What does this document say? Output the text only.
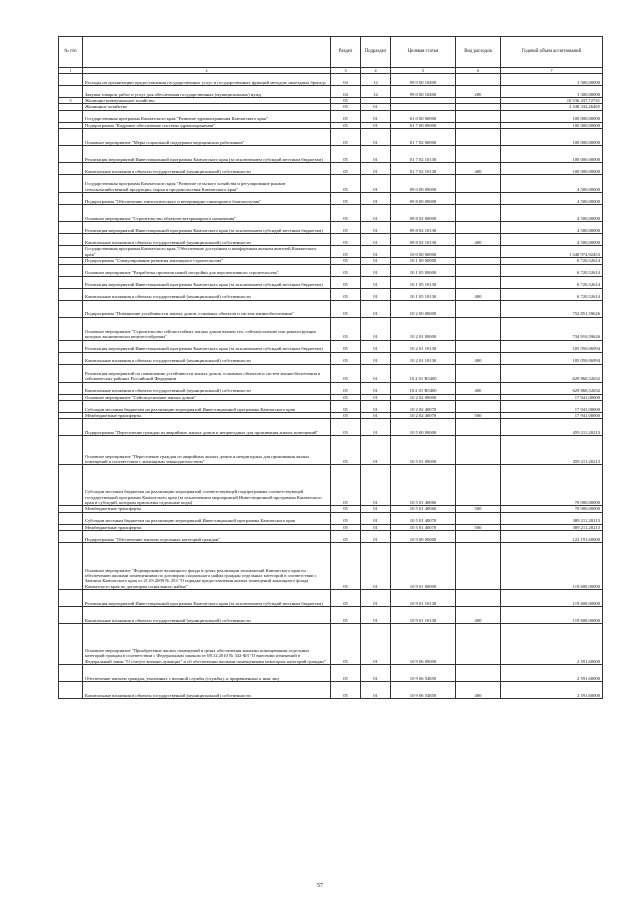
№ п/п		Раздел	Подраздел	Целевая статья	Вид расходов	Годовой объем ассигнований
1	2	3	4	5	6	7
	Расходы на организацию предоставления государственных услуг и государственных функций методом «выездных бригад»	04	12	99 0 00 10400		1 300,00000
	Закупка товаров, работ и услуг для обеспечения государственных (муниципальных) нужд	04	12	99 0 00 10400	200	1 300,00000
5	Жилищно-коммунальное хозяйство	05				10 536 437,72741
	Жилищное хозяйство	05	01			2 348 332,26465
	Государственная программа Камчатского края "Развитие здравоохранения Камчатского края"	05	01	01 0 00 00000		100 000,00000
	Подпрограмма "Кадровое обеспечение системы здравоохранения"	05	01	01 7 00 00000		100 000,00000
	Основное мероприятие "Меры социальной поддержки медицинских работников"	05	01	01 7 02 00000		100 000,00000
	Реализация мероприятий Инвестиционной программы Камчатского края (за исключением субсидий местным бюджетам)	05	01	01 7 02 10130		100 000,00000
	Капитальные вложения в объекты государственной (муниципальной) собственности	05	01	01 7 02 10130	400	100 000,00000
	Государственная программа Камчатского края "Развитие сельского хозяйства и регулирование рынков сельскохозяйственной продукции, сырья и продовольствия Камчатского края"	05	01	09 0 00 00000		4 500,00000
	Подпрограмма "Обеспечение эпизоотического и ветеринарно-санитарного благополучия"	05	01	09 8 00 00000		4 500,00000
	Основное мероприятие "Строительство объектов ветеринарного назначения"	05	01	09 8 02 00000		4 500,00000
	Реализация мероприятий Инвестиционной программы Камчатского края (за исключением субсидий местным бюджетам)	05	01	09 8 02 10130		4 500,00000
	Капитальные вложения в объекты государственной (муниципальной) собственности	05	01	09 8 02 10130	400	4 500,00000
	Государственная программа Камчатского края "Обеспечение доступным и комфортным жильем жителей Камчатского края"	05	01	10 0 00 00000		1 340 974,92453
	Подпрограмма "Стимулирование развития жилищного строительства"	05	01	10 1 00 00000		6 720,52614
	Основное мероприятие "Разработка проектов новой застройки для перспективного строительства"	05	01	10 1 05 00000		6 720,52614
	Реализация мероприятий Инвестиционной программы Камчатского края (за исключением субсидий местным бюджетам)	05	01	10 1 05 10130		6 720,52614
	Капитальные вложения в объекты государственной (муниципальной) собственности	05	01	10 1 05 10130	400	6 720,52614
	Подпрограмма "Повышение устойчивости жилых домов, основных объектов и систем жизнеобеспечения"	05	01	10 2 00 00000		752 851,59626
	Основное мероприятие "Строительство сейсмостойких жилых домов взамен тех, сейсмоусиление или реконструкция которых экономически нецелесообразны"	05	01	10 2 01 00000		734 910,59626
	Реализация мероприятий Инвестиционной программы Камчатского края (за исключением субсидий местным бюджетам)	05	01	10 2 01 10130		105 050,06994
	Капитальные вложения в объекты государственной (муниципальной) собственности	05	01	10 2 01 10130	400	105 050,06994
	Реализация мероприятий по повышению устойчивости жилых домов, основных объектов и систем жизнеобеспечения в сейсмических районах Российской Федерации	05	01	10 2 01 R5400		629 860,52632
	Капитальные вложения в объекты государственной (муниципальной) собственности	05	01	10 2 01 R5400	400	629 860,52632
	Основное мероприятие "Сейсмоусиление жилых домов"	05	01	10 2 02 00000		17 941,00000
	Субсидии местным бюджетам на реализацию мероприятий Инвестиционной программы Камчатского края	05	01	10 2 02 40070		17 941,00000
	Межбюджетные трансферты	05	01	10 2 02 40070	500	17 941,00000
	Подпрограмма "Переселение граждан из аварийных жилых домов и непригодных для проживания жилых помещений"	05	01	10 5 00 00000		459 211,20213
	Основное мероприятие "Переселение граждан из аварийных жилых домов и непригодных для проживания жилых помещений в соответствии с жилищным законодательством"	05	01	10 5 01 00000		459 211,20213
	Субсидии местным бюджетам на реализацию мероприятий соответствующей подпрограммы соответствующей государственной программы Камчатского края (за исключением мероприятий Инвестиционной программы Камчатского края и субсидий, которым присвоены отдельные коды)	05	01	10 5 01 40060		70 000,00000
	Межбюджетные трансферты	05	01	10 5 01 40060	500	70 000,00000
	Субсидии местным бюджетам на реализацию мероприятий Инвестиционной программы Камчатского края	05	01	10 5 01 40070		389 211,20213
	Межбюджетные трансферты	05	01	10 5 01 40070	500	389 211,20213
	Подпрограмма "Обеспечение жильем отдельных категорий граждан"	05	01	10 9 00 00000		122 191,60000
	Основное мероприятие "Формирование жилищного фонда в целях реализации полномочий Камчатского края по обеспечению жилыми помещениями по договорам социального найма граждан отдельных категорий в соответствии с Законом Камчатского края от 21.03.2009 № 253 "О порядке предоставления жилых помещений жилищного фонда Камчатского края по договорам социального найма"	05	01	10 9 01 00000		119 600,00000
	Реализация мероприятий Инвестиционной программы Камчатского края (за исключением субсидий местным бюджетам)	05	01	10 9 01 10130		119 600,00000
	Капитальные вложения в объекты государственной (муниципальной) собственности	05	01	10 9 01 10130	400	119 600,00000
	Основное мероприятие "Приобретение жилых помещений в целях обеспечения жилыми помещениями отдельных категорий граждан в соответствии с Федеральным законом от 08.12.2010 № 342-ФЗ "О внесении изменений в Федеральный закон "О статусе военнослужащих" и об обеспечении жилыми помещениями некоторых категорий граждан"	05	01	10 9 06 00000		2 591,60000
	Обеспечение жильем граждан, уволенных с военной службы (службы), и приравненных к ним лиц	05	01	10 9 06 54850		2 591,60000
	Капитальные вложения в объекты государственной (муниципальной) собственности	05	01	10 9 06 54850	400	2 591,60000
57
